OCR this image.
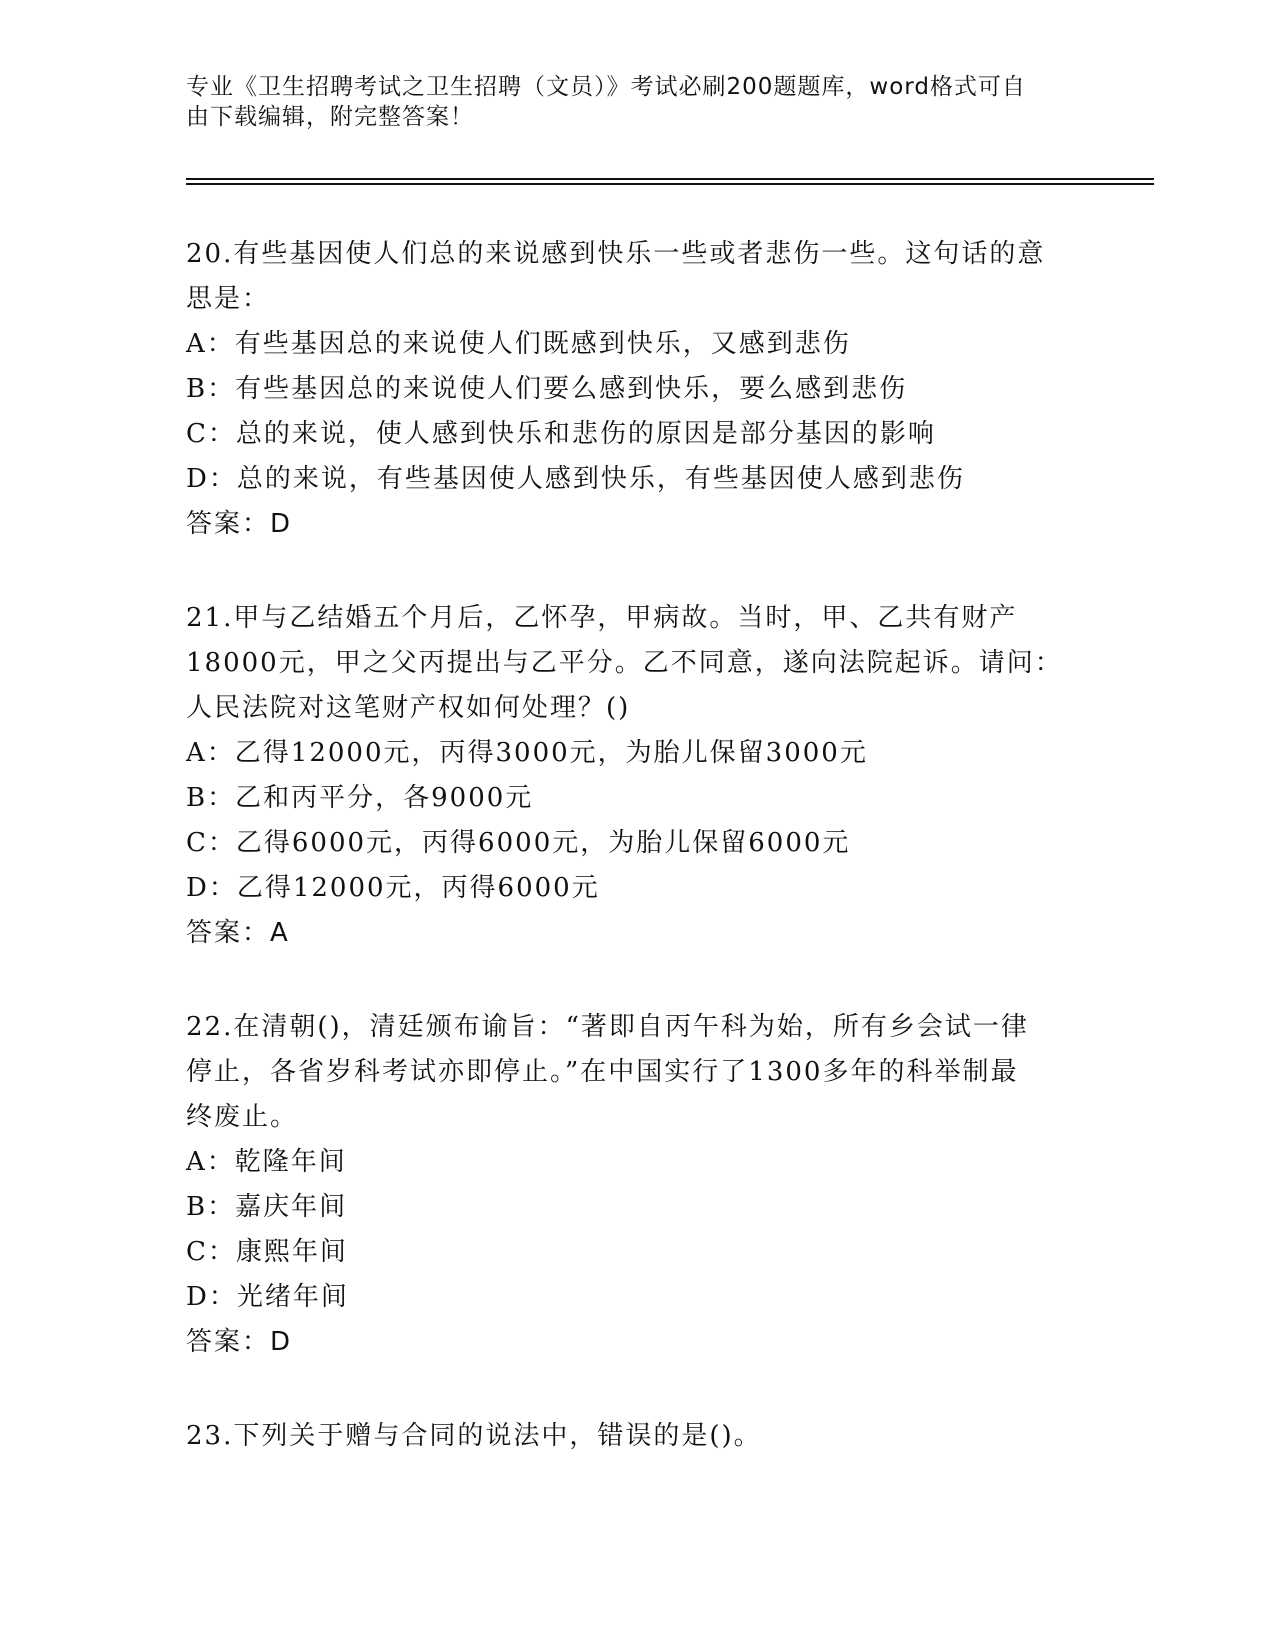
专业《卫生招聘考试之卫生招聘（文员）》考试必刷200题题库，word格式可自
由下载编辑，附完整答案！

20.有些基因使人们总的来说感到快乐一些或者悲伤一些。这句话的意
思是：

A：有些基因总的来说使人们既感到快乐，又感到悲伤
B：有些基因总的来说使人们要么感到快乐，要么感到悲伤
C：总的来说，使人感到快乐和悲伤的原因是部分基因的影响
D：总的来说，有些基因使人感到快乐，有些基因使人感到悲伤
答案：D

21.甲与乙结婚五个月后，乙怀孕，甲病故。当时，甲、乙共有财产
18000元，甲之父丙提出与乙平分。乙不同意，遂向法院起诉。请问：
人民法院对这笔财产权如何处理？()

A：乙得12000元，丙得3000元，为胎儿保留3000元
B：乙和丙平分，各9000元
C：乙得6000元，丙得6000元，为胎儿保留6000元
D：乙得12000元，丙得6000元
答案：A

22.在清朝()，清廷颁布谕旨：“著即自丙午科为始，所有乡会试一律
停止，各省岁科考试亦即停止。”在中国实行了1300多年的科举制最
终废止。

A：乾隆年间
B：嘉庆年间
C：康熙年间
D：光绪年间
答案：D

23.下列关于赠与合同的说法中，错误的是()。
